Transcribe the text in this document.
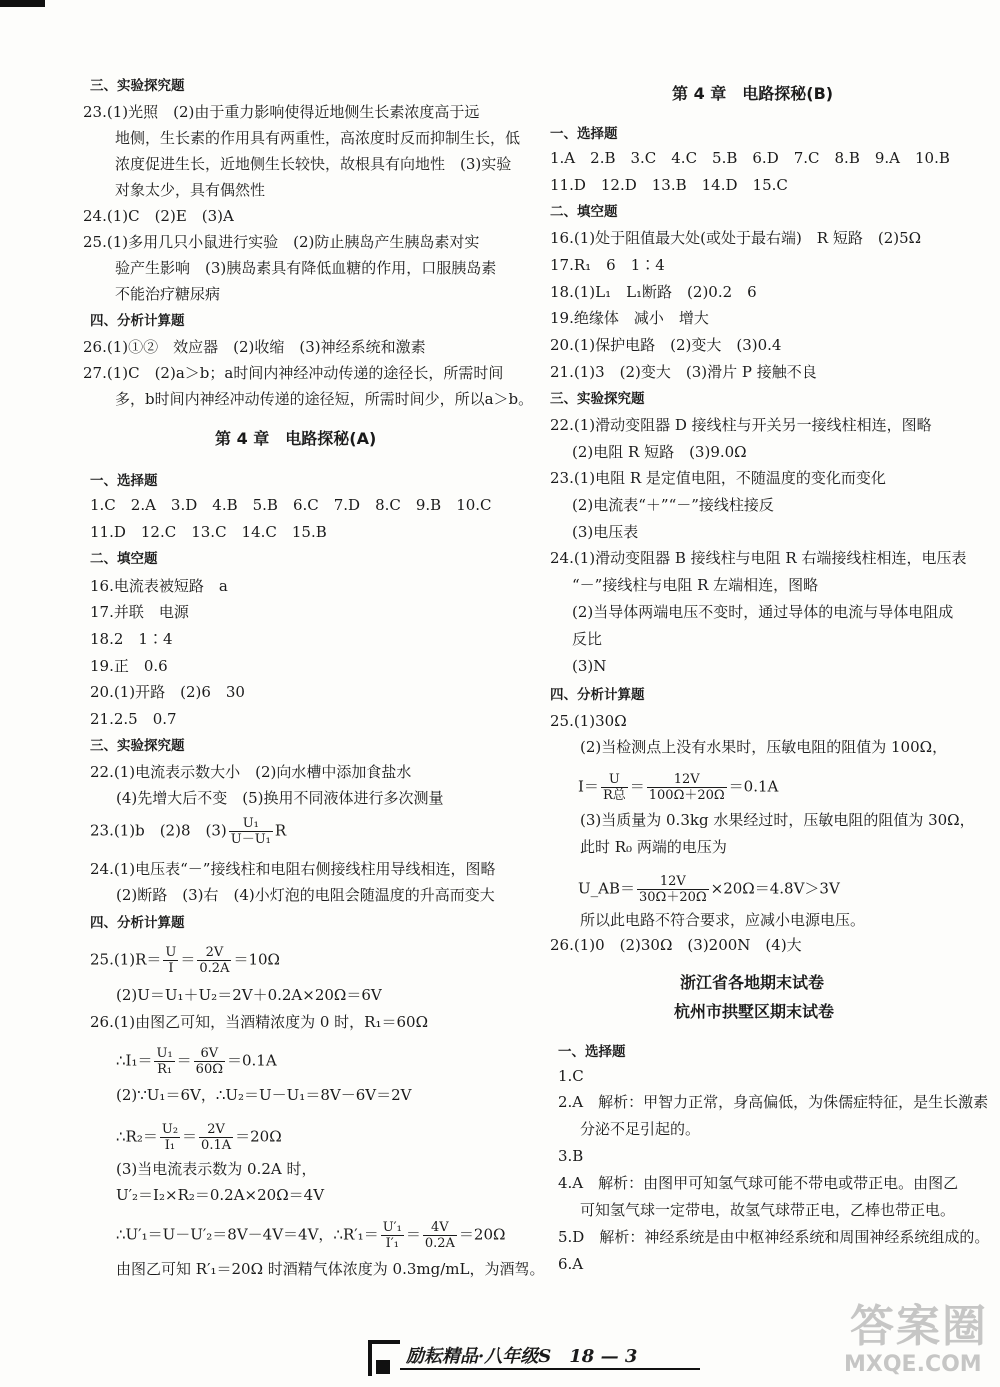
三、实验探究题
23.(1)光照　(2)由于重力影响使得近地侧生长素浓度高于远
地侧，生长素的作用具有两重性，高浓度时反而抑制生长，低
浓度促进生长，近地侧生长较快，故根具有向地性　(3)实验
对象太少，具有偶然性
24.(1)C　(2)E　(3)A
25.(1)多用几只小鼠进行实验　(2)防止胰岛产生胰岛素对实
验产生影响　(3)胰岛素具有降低血糖的作用，口服胰岛素
不能治疗糖尿病
四、分析计算题
26.(1)①②　效应器　(2)收缩　(3)神经系统和激素
27.(1)C　(2)a＞b；a时间内神经冲动传递的途径长，所需时间
多，b时间内神经冲动传递的途径短，所需时间少，所以a＞b。
第 4 章　电路探秘(A)
一、选择题
1.C　2.A　3.D　4.B　5.B　6.C　7.D　8.C　9.B　10.C
11.D　12.C　13.C　14.C　15.B
二、填空题
16.电流表被短路　a
17.并联　电源
18.2　1∶4
19.正　0.6
20.(1)开路　(2)6　30
21.2.5　0.7
三、实验探究题
22.(1)电流表示数大小　(2)向水槽中添加食盐水
(4)先增大后不变　(5)换用不同液体进行多次测量
23.(1)b　(2)8　$(3) \frac{\text{U₁}}{\text{U－U₁}}$ R
24.(1)电压表“－”接线柱和电阻右侧接线柱用导线相连，图略
(2)断路　(3)右　(4)小灯泡的电阻会随温度的升高而变大
四、分析计算题
$25.(1)R= \frac{U}{I} = \frac{2V}{0.2A} =10\Omega$
(2)U＝U₁＋U₂＝2V＋0.2A×20Ω＝6V
26.(1)由图乙可知，当酒精浓度为 0 时，R₁＝60Ω
∴I₁＝ $\frac{\text{U₁}}{\text{R₁}} = \frac{6V}{60\Omega} =0.1A$
(2)∵U₁＝6V，∴U₂＝U－U₁＝8V－6V＝2V
∴R₂＝ $\frac{\text{U₂}}{\text{I₁}} = \frac{2V}{0.1A} =20\Omega$
(3)当电流表示数为 0.2A 时，
U′₂＝I₂×R₂＝0.2A×20Ω＝4V
∴U′₁＝U－U′₂＝8V－4V＝4V，∴R′₁＝ $\frac{\text{U′₁}}{\text{I′₁}} = \frac{4V}{0.2A} =20\Omega$
由图乙可知 R′₁＝20Ω 时酒精气体浓度为 0.3mg/mL，为酒驾。
第 4 章　电路探秘(B)
一、选择题
1.A　2.B　3.C　4.C　5.B　6.D　7.C　8.B　9.A　10.B
11.D　12.D　13.B　14.D　15.C
二、填空题
16.(1)处于阻值最大处(或处于最右端)　R 短路　(2)5Ω
17.R₁　6　1∶4
18.(1)L₁　L₁断路　(2)0.2　6
19.绝缘体　减小　增大
20.(1)保护电路　(2)变大　(3)0.4
21.(1)3　(2)变大　(3)滑片 P 接触不良
三、实验探究题
22.(1)滑动变阻器 D 接线柱与开关另一接线柱相连，图略
(2)电阻 R 短路　(3)9.0Ω
23.(1)电阻 R 是定值电阻，不随温度的变化而变化
(2)电流表“＋”“－”接线柱接反
(3)电压表
24.(1)滑动变阻器 B 接线柱与电阻 R 右端接线柱相连，电压表
“－”接线柱与电阻 R 左端相连，图略
(2)当导体两端电压不变时，通过导体的电流与导体电阻成
反比
(3)N
四、分析计算题
25.(1)30Ω
(2)当检测点上没有水果时，压敏电阻的阻值为 100Ω，
$I= \frac{U}{\text{R总}} = \frac{12V}{100\Omega+20\Omega} =0.1A$
(3)当质量为 0.3kg 水果经过时，压敏电阻的阻值为 30Ω，
此时 R₀ 两端的电压为
U_AB＝ $\frac{12V}{30\Omega+20\Omega} \times 20\Omega=4.8V>3V$
所以此电路不符合要求，应减小电源电压。
26.(1)0　(2)30Ω　(3)200N　(4)大
浙江省各地期末试卷
杭州市拱墅区期末试卷
一、选择题
1.C
2.A　解析：甲智力正常，身高偏低，为侏儒症特征，是生长激素
分泌不足引起的。
3.B
4.A　解析：由图甲可知氢气球可能不带电或带正电。由图乙
可知氢气球一定带电，故氢气球带正电，乙棒也带正电。
5.D　解析：神经系统是由中枢神经系统和周围神经系统组成的。
6.A
励耘精品·八年级S　18 — 3
答案圈
MXQE.COM
